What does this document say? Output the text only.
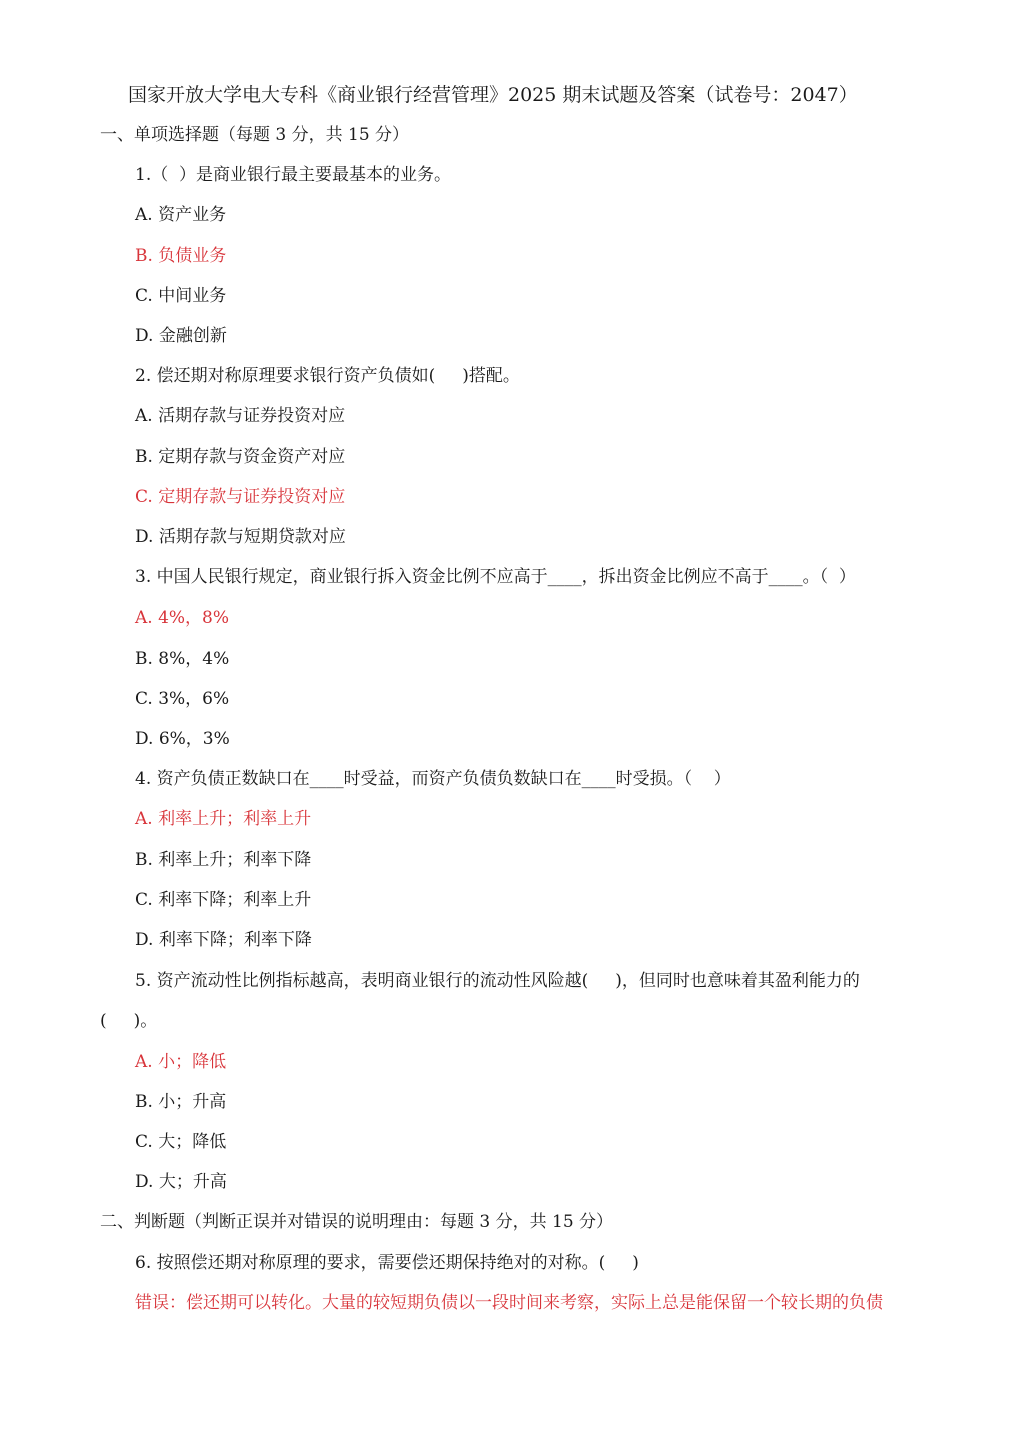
国家开放大学电大专科《商业银行经营管理》2025 期末试题及答案（试卷号：2047）
一、单项选择题（每题 3 分，共 15 分）
1.（  ）是商业银行最主要最基本的业务。
A. 资产业务
B. 负债业务
C. 中间业务
D. 金融创新
2. 偿还期对称原理要求银行资产负债如(     )搭配。
A. 活期存款与证券投资对应
B. 定期存款与资金资产对应
C. 定期存款与证券投资对应
D. 活期存款与短期贷款对应
3. 中国人民银行规定，商业银行拆入资金比例不应高于____，拆出资金比例应不高于____。（  ）
A. 4%，8%
B. 8%，4%
C. 3%，6%
D. 6%，3%
4. 资产负债正数缺口在____时受益，而资产负债负数缺口在____时受损。（    ）
A. 利率上升；利率上升
B. 利率上升；利率下降
C. 利率下降；利率上升
D. 利率下降；利率下降
5. 资产流动性比例指标越高，表明商业银行的流动性风险越(     )，但同时也意味着其盈利能力的
(     )。
A. 小；降低
B. 小；升高
C. 大；降低
D. 大；升高
二、判断题（判断正误并对错误的说明理由：每题 3 分，共 15 分）
6. 按照偿还期对称原理的要求，需要偿还期保持绝对的对称。(     )
错误：偿还期可以转化。大量的较短期负债以一段时间来考察，实际上总是能保留一个较长期的负债
